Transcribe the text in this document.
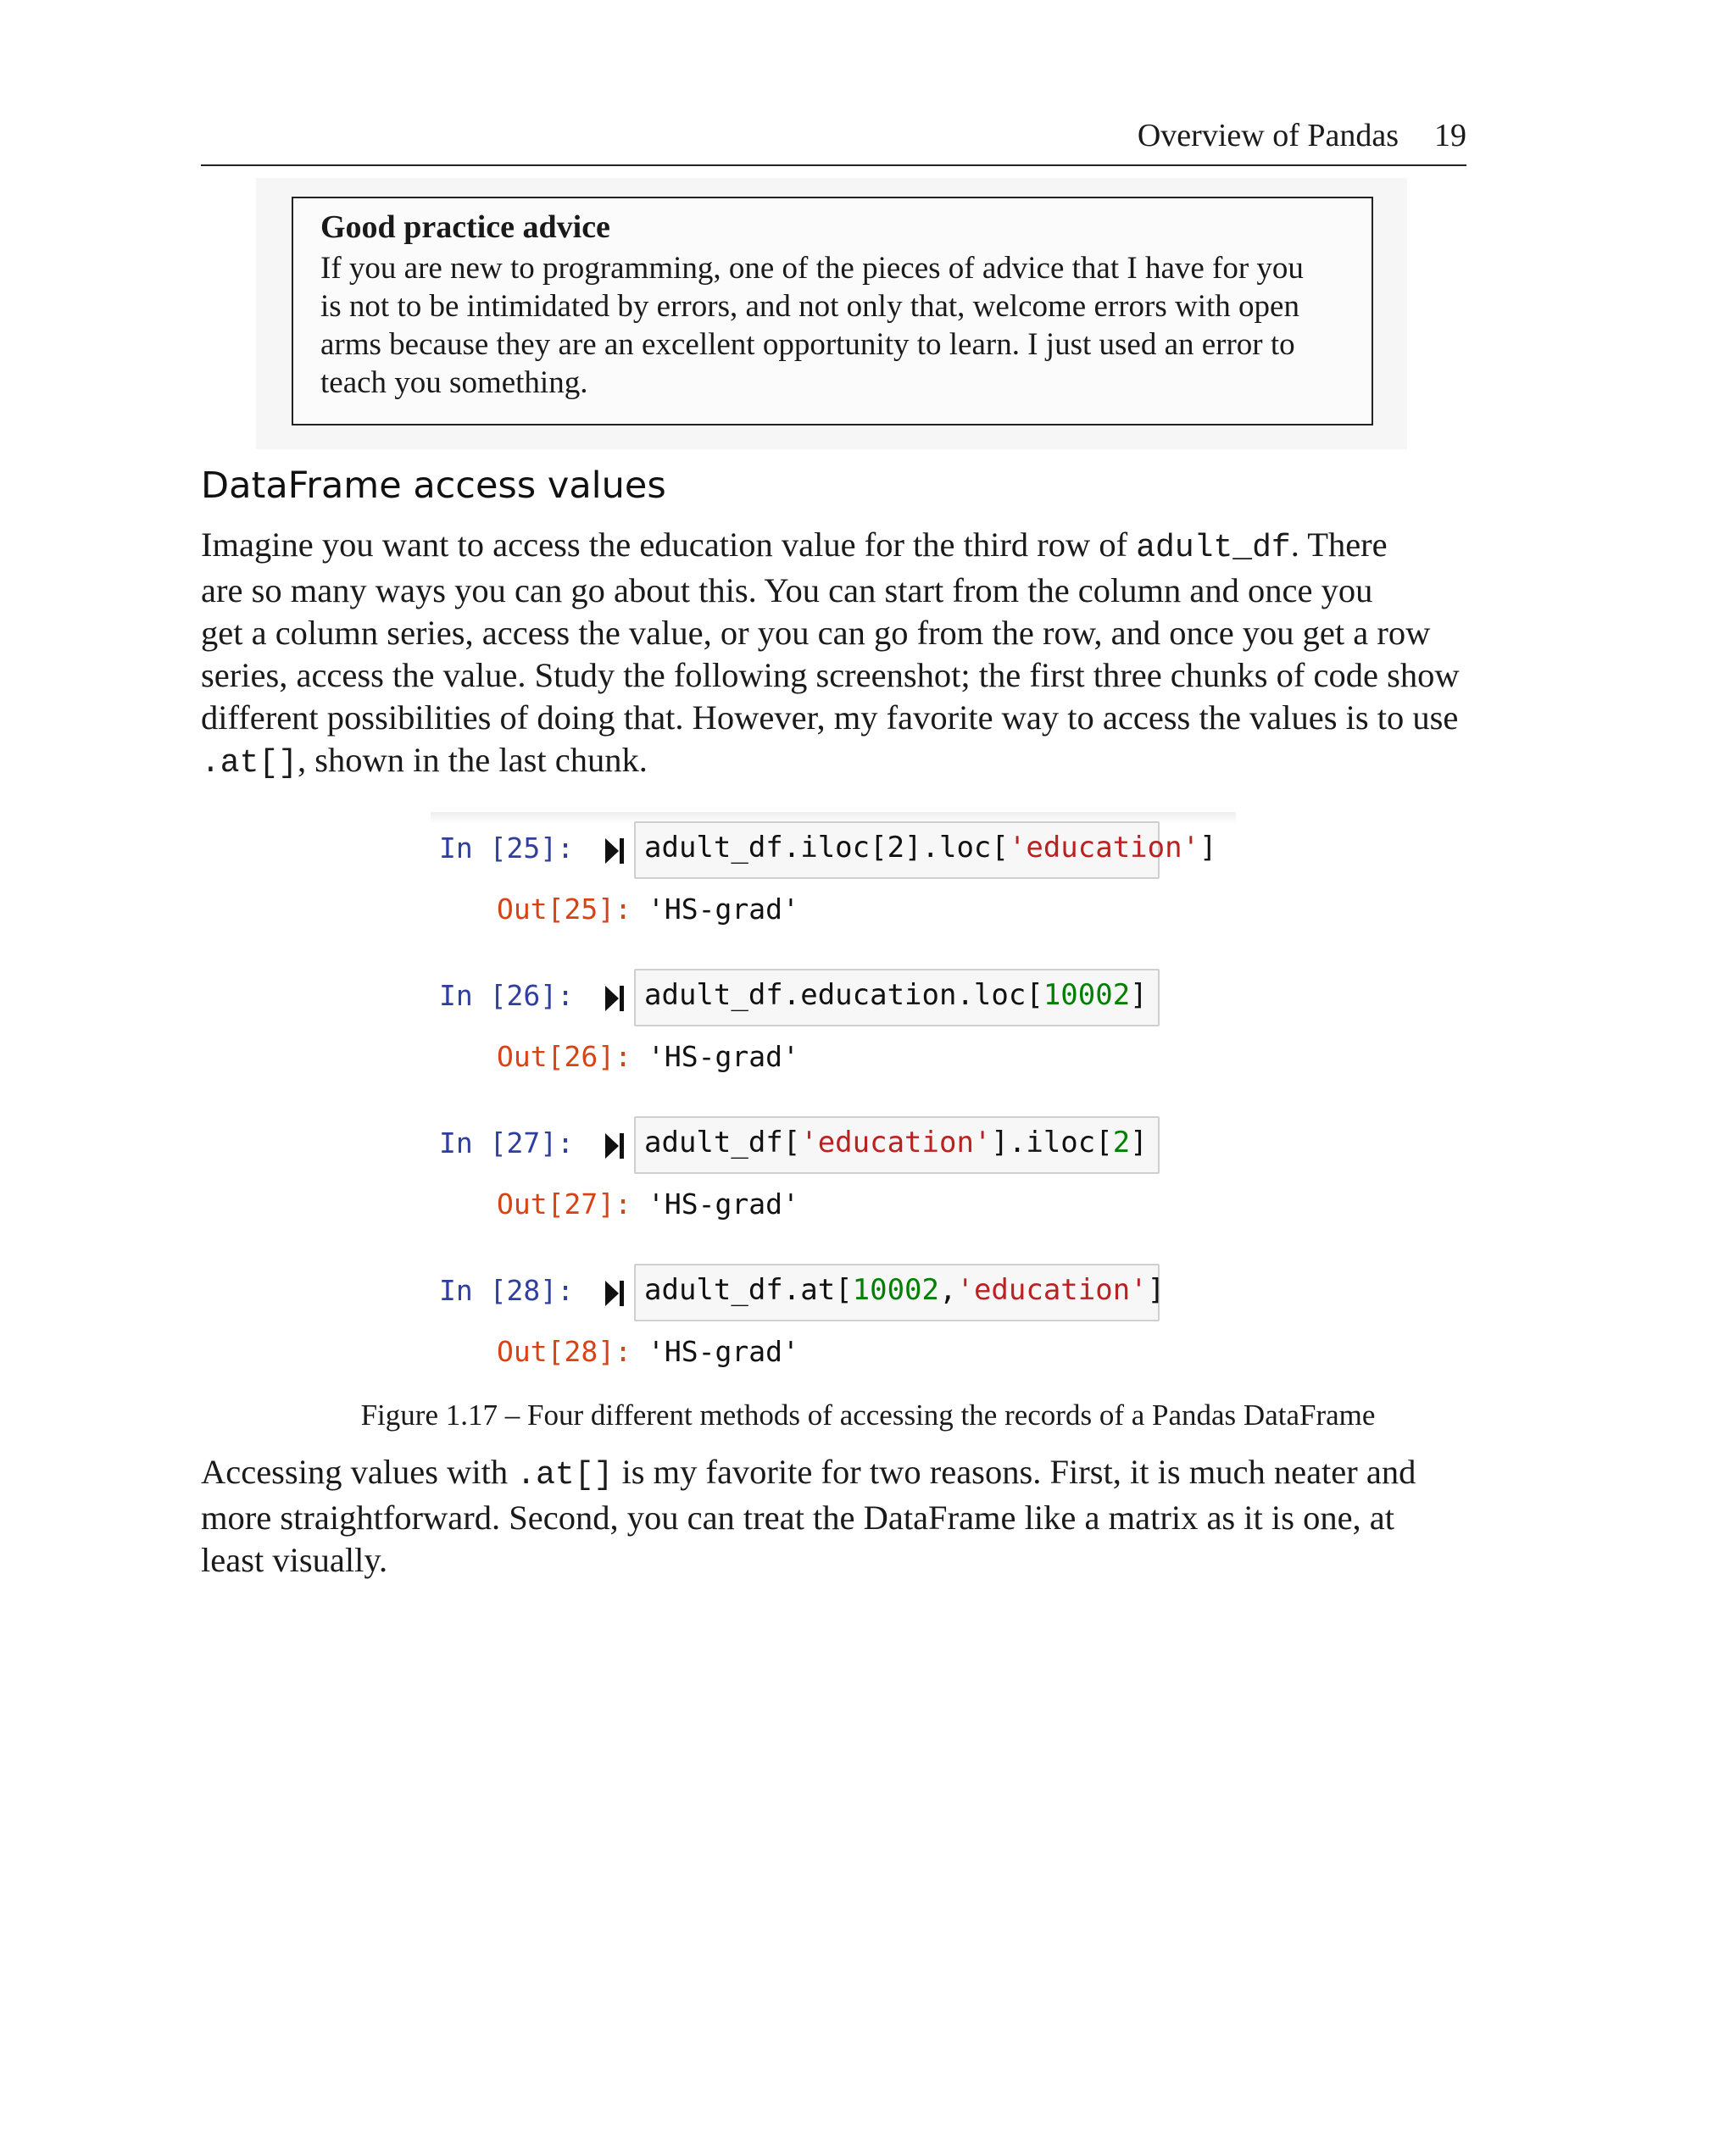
Overview of Pandas 19
Good practice advice
If you are new to programming, one of the pieces of advice that I have for you
is not to be intimidated by errors, and not only that, welcome errors with open
arms because they are an excellent opportunity to learn. I just used an error to
teach you something.
DataFrame access values
Imagine you want to access the education value for the third row of adult_df. There
are so many ways you can go about this. You can start from the column and once you
get a column series, access the value, or you can go from the row, and once you get a row
series, access the value. Study the following screenshot; the first three chunks of code show
different possibilities of doing that. However, my favorite way to access the values is to use
.at[], shown in the last chunk.
In [25]:	adult_df.iloc[2].loc['education']
Out[25]: 'HS-grad'
In [26]:	adult_df.education.loc[10002]
Out[26]: 'HS-grad'
In [27]:	adult_df['education'].iloc[2]
Out[27]: 'HS-grad'
In [28]:	adult_df.at[10002,'education']
Out[28]: 'HS-grad'
Figure 1.17 – Four different methods of accessing the records of a Pandas DataFrame
Accessing values with .at[] is my favorite for two reasons. First, it is much neater and
more straightforward. Second, you can treat the DataFrame like a matrix as it is one, at
least visually.
